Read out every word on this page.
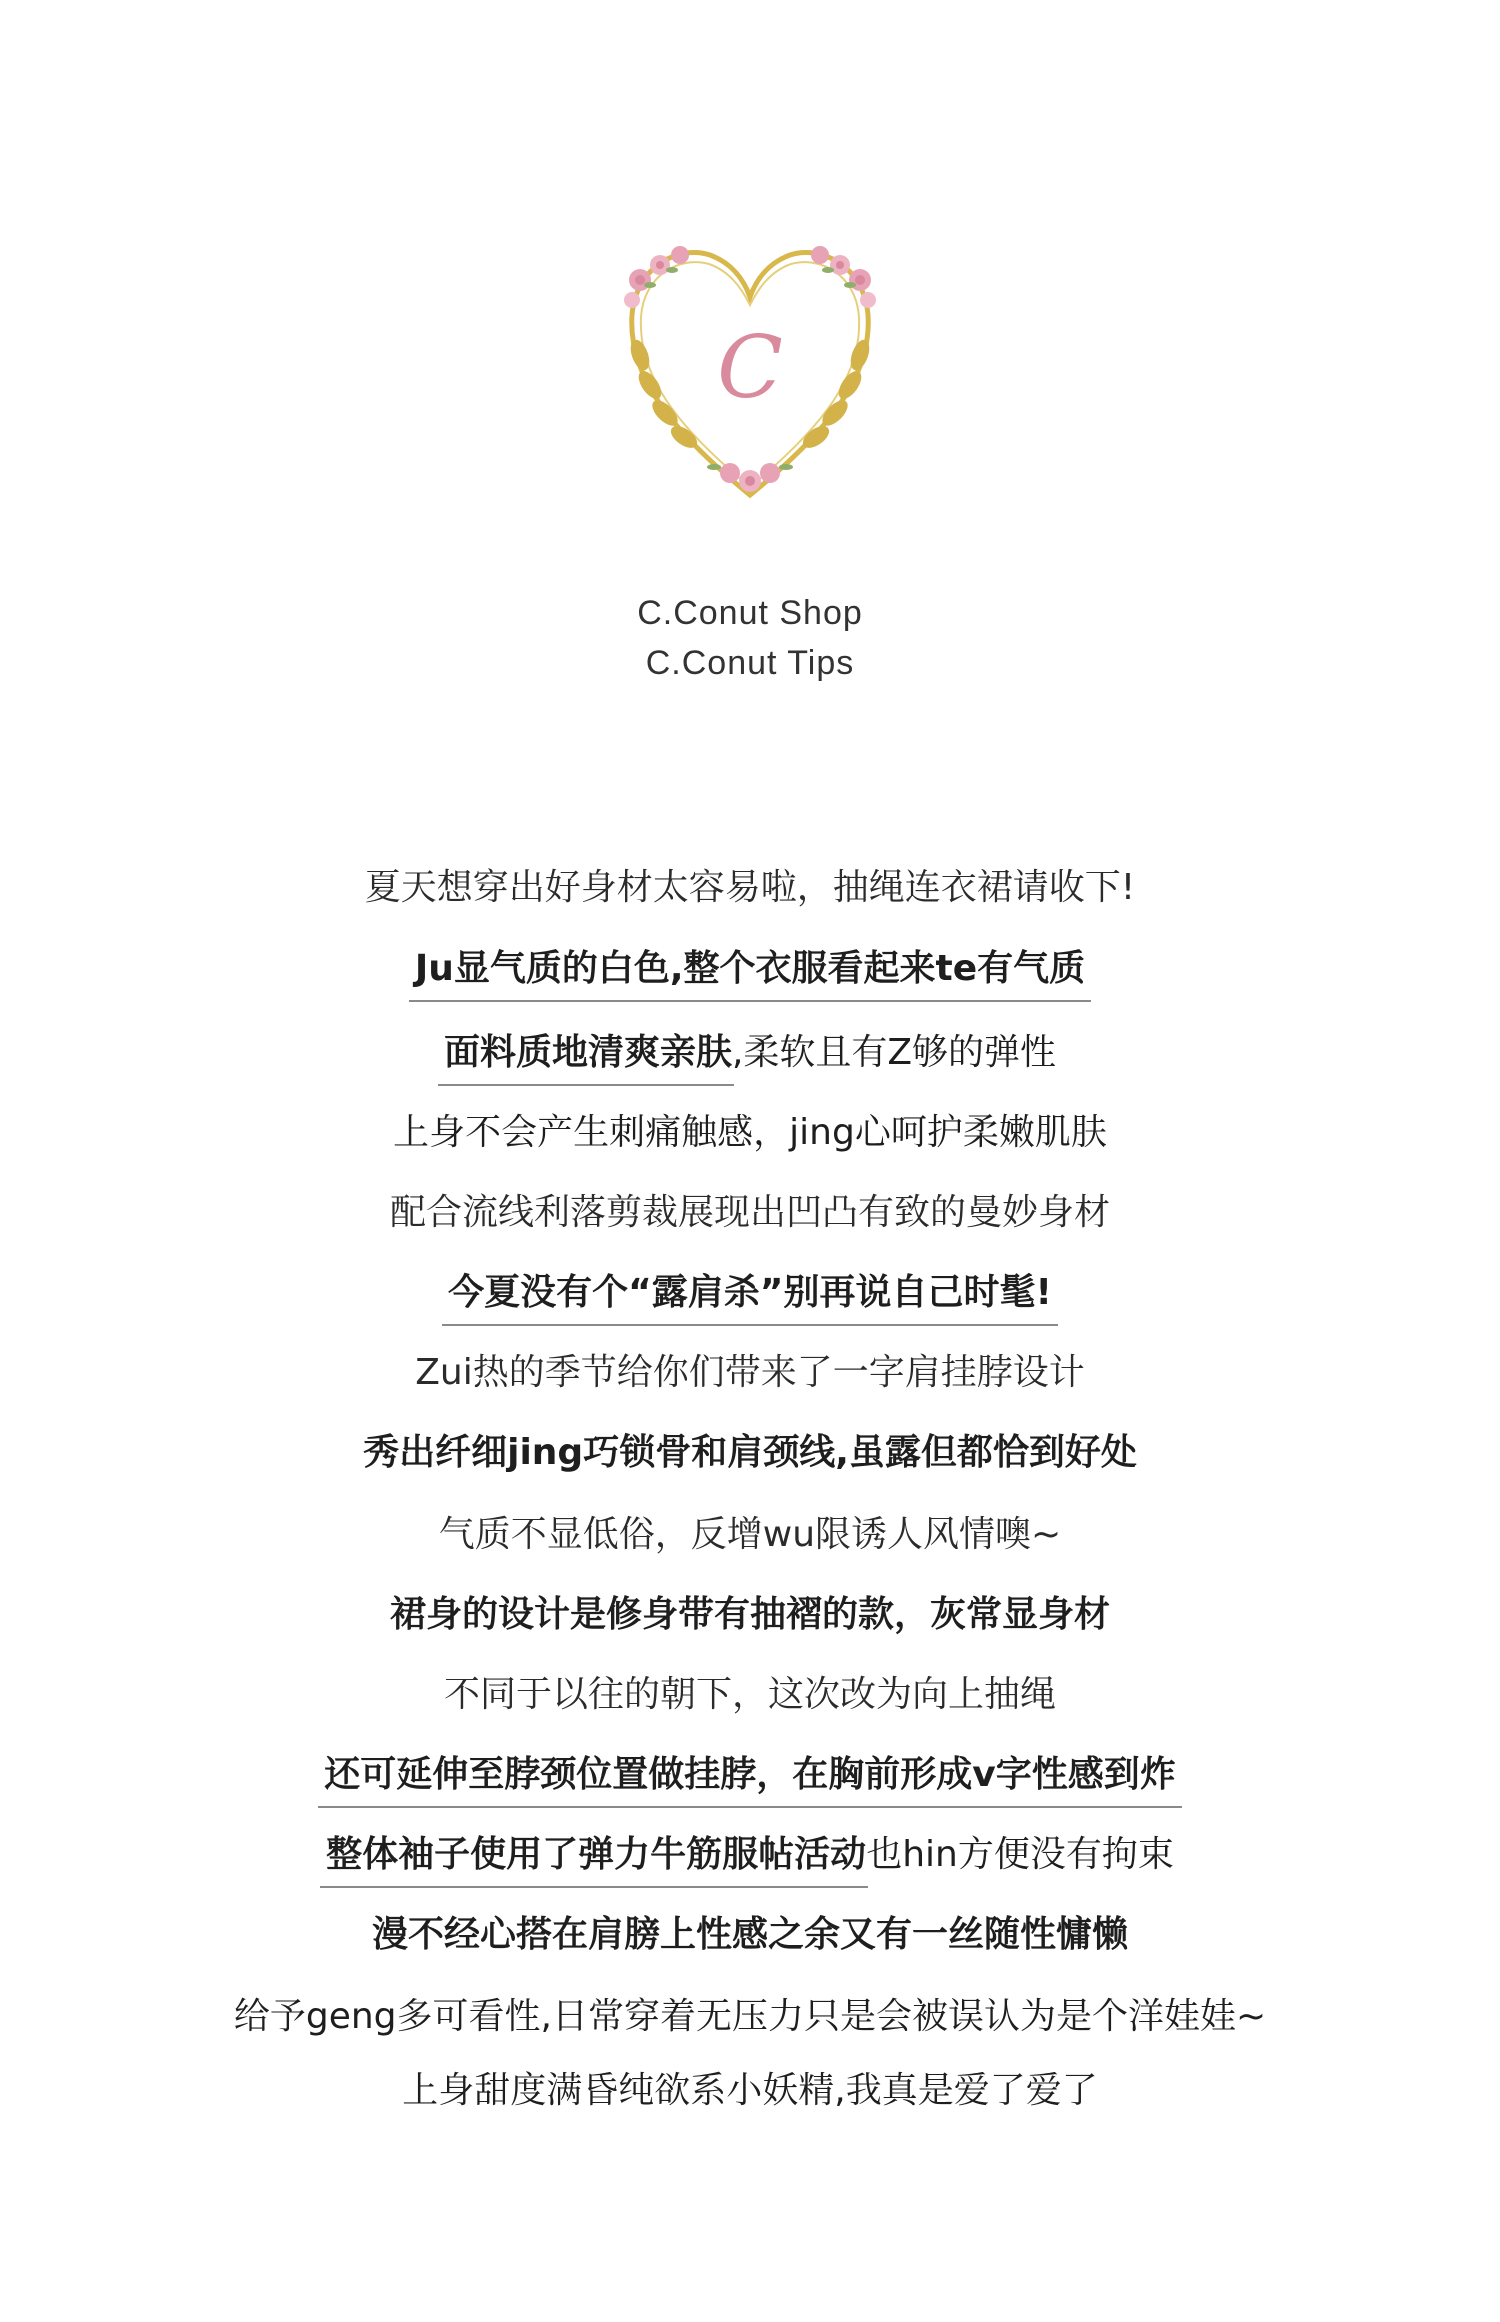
C
C.Conut Shop
C.Conut Tips
夏天想穿出好身材太容易啦，抽绳连衣裙请收下!
Ju显气质的白色,整个衣服看起来te有气质
面料质地清爽亲肤,柔软且有Z够的弹性
上身不会产生刺痛触感，jing心呵护柔嫩肌肤
配合流线利落剪裁展现出凹凸有致的曼妙身材
今夏没有个“露肩杀”别再说自己时髦!
Zui热的季节给你们带来了一字肩挂脖设计
秀出纤细jing巧锁骨和肩颈线,虽露但都恰到好处
气质不显低俗，反增wu限诱人风情噢~
裙身的设计是修身带有抽褶的款，灰常显身材
不同于以往的朝下，这次改为向上抽绳
还可延伸至脖颈位置做挂脖，在胸前形成v字性感到炸
整体袖子使用了弹力牛筋服帖活动也hin方便没有拘束
漫不经心搭在肩膀上性感之余又有一丝随性慵懒
给予geng多可看性,日常穿着无压力只是会被误认为是个洋娃娃~
上身甜度满昏纯欲系小妖精,我真是爱了爱了
